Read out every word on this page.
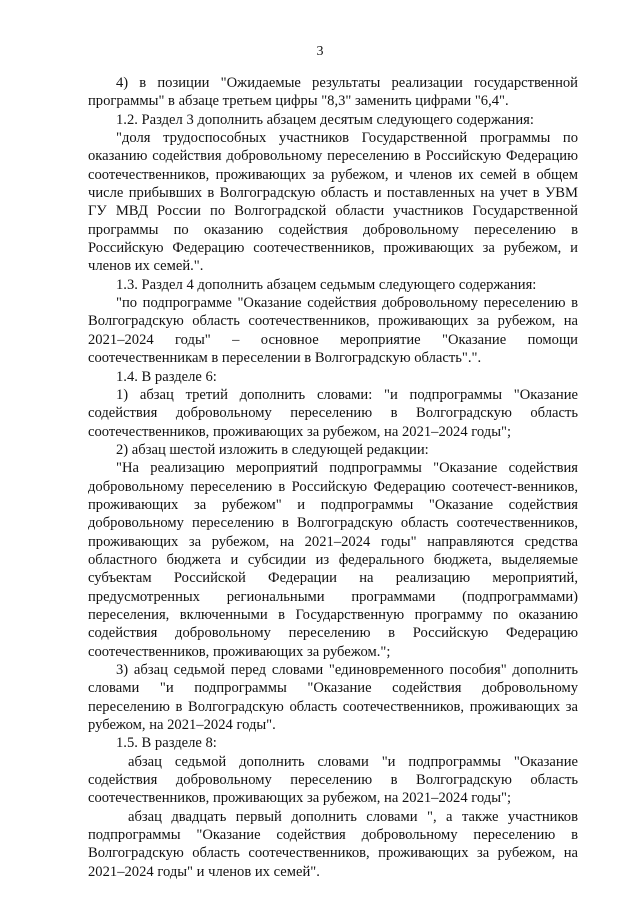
3

4) в позиции "Ожидаемые результаты реализации государственной программы" в абзаце третьем цифры "8,3" заменить цифрами "6,4".

1.2. Раздел 3 дополнить абзацем десятым следующего содержания:

"доля трудоспособных участников Государственной программы по оказанию содействия добровольному переселению в Российскую Федерацию соотечественников, проживающих за рубежом, и членов их семей в общем числе прибывших в Волгоградскую область и поставленных на учет в УВМ ГУ МВД России по Волгоградской области участников Государственной программы по оказанию содействия добровольному переселению в Российскую Федерацию соотечественников, проживающих за рубежом, и членов их семей.".

1.3. Раздел 4 дополнить абзацем седьмым следующего содержания:

"по подпрограмме "Оказание содействия добровольному переселению в Волгоградскую область соотечественников, проживающих за рубежом, на 2021–2024 годы" – основное мероприятие "Оказание помощи соотечественникам в переселении в Волгоградскую область".".

1.4. В разделе 6:

1) абзац третий дополнить словами: "и подпрограммы "Оказание содействия добровольному переселению в Волгоградскую область соотечественников, проживающих за рубежом, на 2021–2024 годы";

2) абзац шестой изложить в следующей редакции:

"На реализацию мероприятий подпрограммы "Оказание содействия добровольному переселению в Российскую Федерацию соотечест-венников, проживающих за рубежом" и подпрограммы "Оказание содействия добровольному переселению в Волгоградскую область соотечественников, проживающих за рубежом, на 2021–2024 годы" направляются средства областного бюджета и субсидии из федерального бюджета, выделяемые субъектам Российской Федерации на реализацию мероприятий, предусмотренных региональными программами (подпрограммами) переселения, включенными в Государственную программу по оказанию содействия добровольному переселению в Российскую Федерацию соотечественников, проживающих за рубежом.";

3) абзац седьмой перед словами "единовременного пособия" дополнить словами "и подпрограммы "Оказание содействия добровольному переселению в Волгоградскую область соотечественников, проживающих за рубежом, на 2021–2024 годы".

1.5. В разделе 8:

абзац седьмой дополнить словами "и подпрограммы "Оказание содействия добровольному переселению в Волгоградскую область соотечественников, проживающих за рубежом, на 2021–2024 годы";

абзац двадцать первый дополнить словами ", а также участников подпрограммы "Оказание содействия добровольному переселению в Волгоградскую область соотечественников, проживающих за рубежом, на 2021–2024 годы" и членов их семей".
